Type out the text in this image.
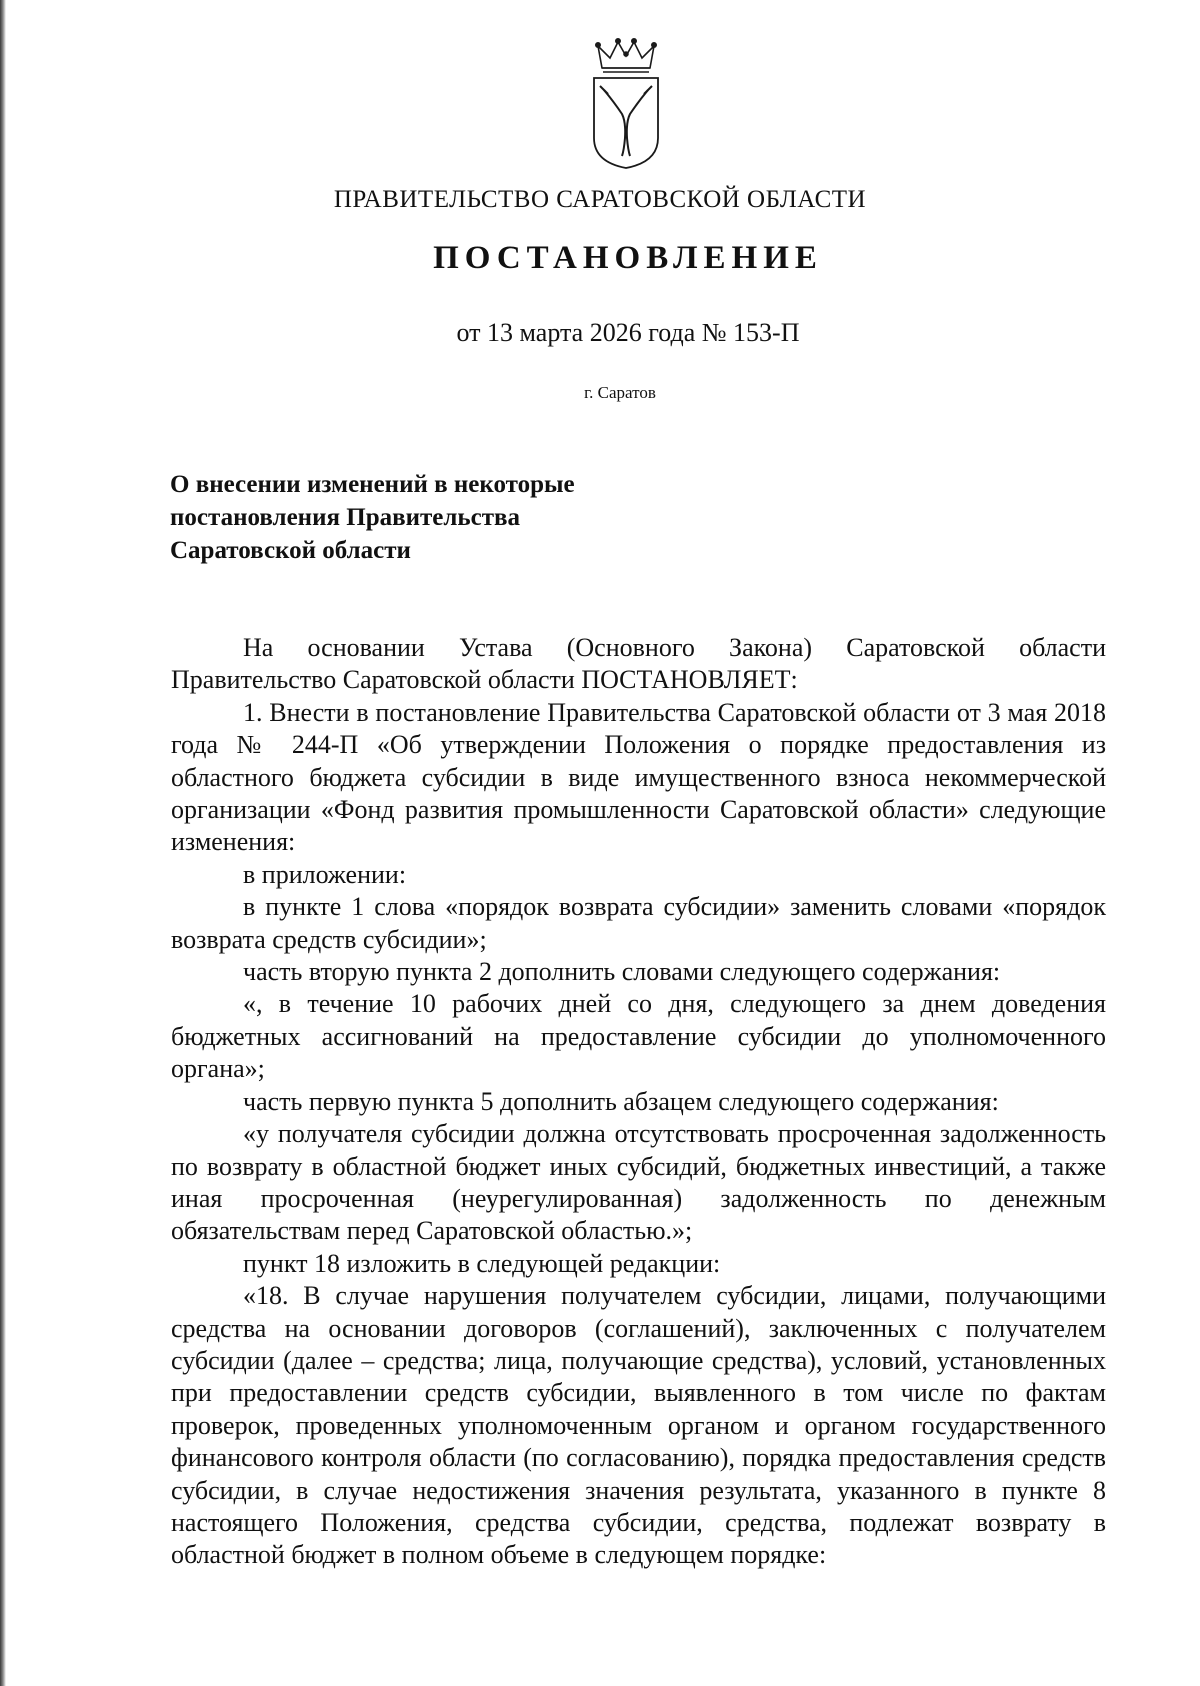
ПРАВИТЕЛЬСТВО САРАТОВСКОЙ ОБЛАСТИ
ПОСТАНОВЛЕНИЕ
от 13 марта 2026 года № 153-П
г. Саратов
О внесении изменений в некоторые
постановления Правительства
Саратовской области

На основании Устава (Основного Закона) Саратовской области Правительство Саратовской области ПОСТАНОВЛЯЕТ:

1. Внести в постановление Правительства Саратовской области от 3 мая 2018 года № 244-П «Об утверждении Положения о порядке предоставления из областного бюджета субсидии в виде имущественного взноса некоммерческой организации «Фонд развития промышленности Саратовской области» следующие изменения:

в приложении:

в пункте 1 слова «порядок возврата субсидии» заменить словами «порядок возврата средств субсидии»;

часть вторую пункта 2 дополнить словами следующего содержания:

«, в течение 10 рабочих дней со дня, следующего за днем доведения бюджетных ассигнований на предоставление субсидии до уполномоченного органа»;

часть первую пункта 5 дополнить абзацем следующего содержания:

«у получателя субсидии должна отсутствовать просроченная задолженность по возврату в областной бюджет иных субсидий, бюджетных инвестиций, а также иная просроченная (неурегулированная) задолженность по денежным обязательствам перед Саратовской областью.»;

пункт 18 изложить в следующей редакции:

«18. В случае нарушения получателем субсидии, лицами, получающими средства на основании договоров (соглашений), заключенных с получателем субсидии (далее – средства; лица, получающие средства), условий, установленных при предоставлении средств субсидии, выявленного в том числе по фактам проверок, проведенных уполномоченным органом и органом государственного финансового контроля области (по согласованию), порядка предоставления средств субсидии, в случае недостижения значения результата, указанного в пункте 8 настоящего Положения, средства субсидии, средства, подлежат возврату в областной бюджет в полном объеме в следующем порядке:
